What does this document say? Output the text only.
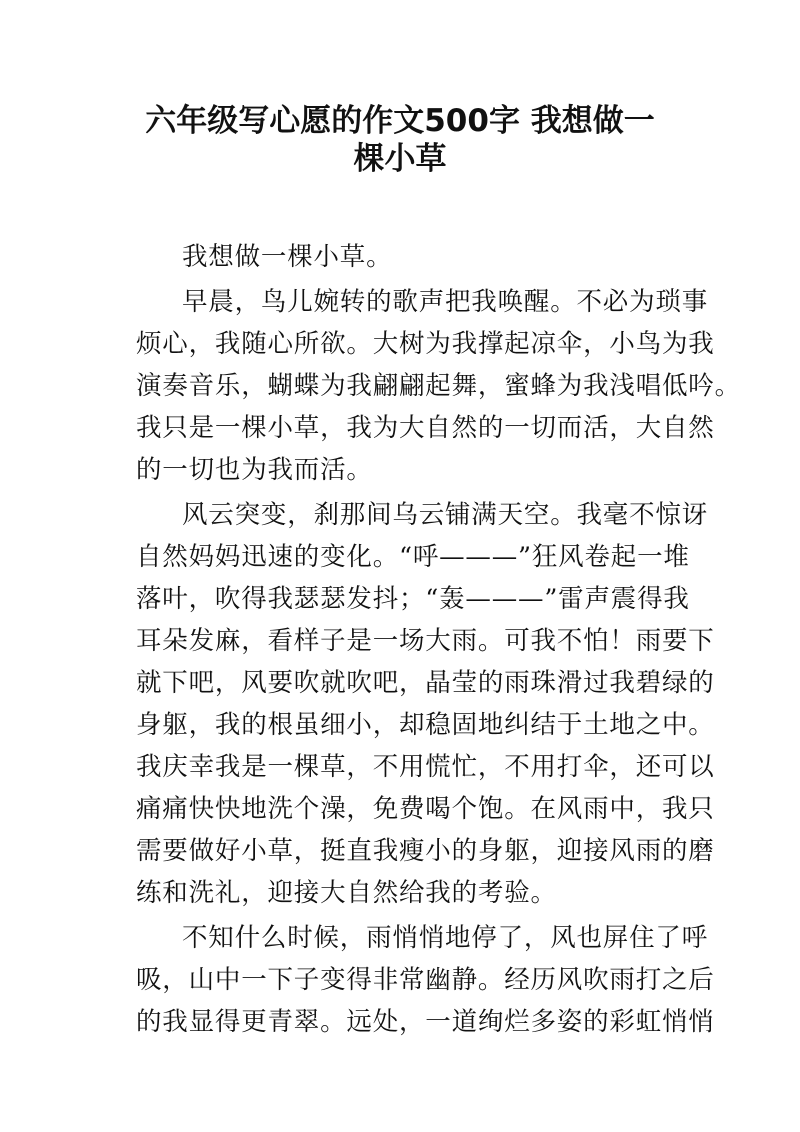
六年级写心愿的作文500字 我想做一
棵小草
我想做一棵小草。
早晨，鸟儿婉转的歌声把我唤醒。不必为琐事
烦心，我随心所欲。大树为我撑起凉伞，小鸟为我
演奏音乐，蝴蝶为我翩翩起舞，蜜蜂为我浅唱低吟。
我只是一棵小草，我为大自然的一切而活，大自然
的一切也为我而活。
风云突变，刹那间乌云铺满天空。我毫不惊讶
自然妈妈迅速的变化。“呼———”狂风卷起一堆
落叶，吹得我瑟瑟发抖；“轰———”雷声震得我
耳朵发麻，看样子是一场大雨。可我不怕！雨要下
就下吧，风要吹就吹吧，晶莹的雨珠滑过我碧绿的
身躯，我的根虽细小，却稳固地纠结于土地之中。
我庆幸我是一棵草，不用慌忙，不用打伞，还可以
痛痛快快地洗个澡，免费喝个饱。在风雨中，我只
需要做好小草，挺直我瘦小的身躯，迎接风雨的磨
练和洗礼，迎接大自然给我的考验。
不知什么时候，雨悄悄地停了，风也屏住了呼
吸，山中一下子变得非常幽静。经历风吹雨打之后
的我显得更青翠。远处，一道绚烂多姿的彩虹悄悄
